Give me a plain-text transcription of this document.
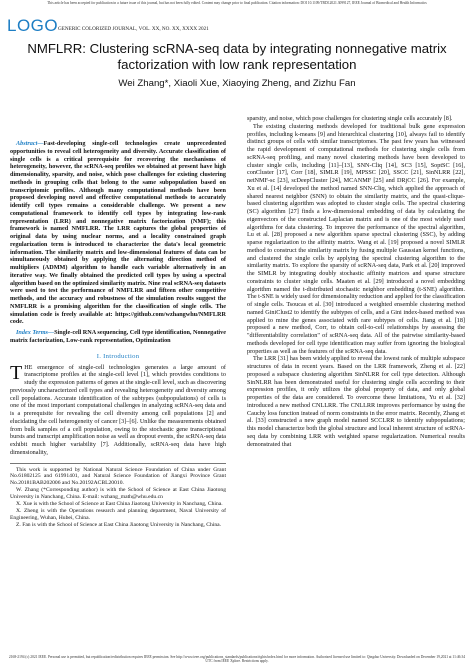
This article has been accepted for publication in a future issue of this journal, but has not been fully edited. Content may change prior to final publication. Citation information: DOI 10.1109/TBDI.2021.3099127, IEEE Journal of Biomedical and Health Informatics
LOGO GENERIC COLORIZED JOURNAL, VOL. XX, NO. XX, XXXX 2021
NMFLRR: Clustering scRNA-seq data by integrating nonnegative matrix factorization with low rank representation
Wei Zhang*, Xiaoli Xue, Xiaoying Zheng, and Zizhu Fan

Abstract—Fast-developing single-cell technologies create unprecedented opportunities to reveal cell heterogeneity and diversity. Accurate classification of single cells is a critical prerequisite for recovering the mechanisms of heterogeneity, however, the scRNA-seq profiles we obtained at present have high dimensionality, sparsity, and noise, which pose challenges for existing clustering methods in grouping cells that belong to the same subpopulation based on transcriptomic profiles. Although many computational methods have been proposed developing novel and effective computational methods to accurately identify cell types remains a considerable challenge. We present a new computational framework to identify cell types by integrating low-rank representation (LRR) and nonnegative matrix factorization (NMF); this framework is named NMFLRR. The LRR captures the global properties of original data by using nuclear norms, and a locality constrained graph regularization term is introduced to characterize the data's local geometric information. The similarity matrix and low-dimensional features of data can be simultaneously obtained by applying the alternating direction method of multipliers (ADMM) algorithm to handle each variable alternatively in an iterative way. We finally obtained the predicted cell types by using a spectral algorithm based on the optimized similarity matrix. Nine real scRNA-seq datasets were used to test the performance of NMFLRR and fifteen other competitive methods, and the accuracy and robustness of the simulation results suggest the NMFLRR is a promising algorithm for the classification of single cells. The simulation code is freely available at: https://github.com/wzhangwhu/NMFLRR code.

Index Terms—Single-cell RNA sequencing, Cell type identification, Nonnegative matrix factorization, Low-rank representation, Optimization

I. Introduction

THE emergence of single-cell technologies generates a large amount of transcriptome profiles at the single-cell level [1], which provides conditions to study the expression patterns of genes at the single-cell level, such as discovering previously uncharacterized cell types and revealing heterogeneity and diversity among cell populations. Accurate identification of the subtypes (subpopulations) of cells is one of the most important computational challenges in analyzing scRNA-seq data and is a prerequisite for revealing the cell diversity among cell populations [2] and elucidating the cell heterogeneity of cancer [3]–[6]. Unlike the measurements obtained from bulk samples of a cell population, owing to the stochastic gene transcriptional bursts and transcript amplification noise as well as dropout events, the scRNA-seq data exhibit much higher variability [7]. Additionally, scRNA-seq data have high dimensionality,

This work is supported by National Natural Science Foundation of China under Grant No.61802125 and 61991401, and Natural Science Foundation of Jiangxi Province Grant No.20181BAB202006 and No.20192ACBL20010.

W. Zhang (*Corresponding author) is with the School of Science at East China Jiaotong University in Nanchang, China. E-mail: wzhang_math@whu.edu.cn

X. Xue is with the School of Science at East China Jiaotong University in Nanchang, China.

X. Zheng is with the Operations research and planning department, Naval University of Engineering, Wuhan, Hubei, China.

Z. Fan is with the School of Science at East China Jiaotong University in Nanchang, China.

sparsity, and noise, which pose challenges for clustering single cells accurately [8].

The existing clustering methods developed for traditional bulk gene expression profiles, including k-means [9] and hierarchical clustering [10], always fail to identify distinct groups of cells with similar transcriptomes. The past few years has witnessed the rapid development of computational methods for clustering single cells from scRNA-seq profiling, and many novel clustering methods have been developed to cluster single cells, including [11]–[13], SNN-Cliq [14], SC3 [15], SoptSC [16], conCluster [17], Corr [18], SIMLR [19], MPSSC [20], SSCC [21], SinNLRR [22], netNMF-sc [23], scDeepCluster [24], MCANMF [25] and DRjCC [26]. For example, Xu et al. [14] developed the method named SNN-Cliq, which applied the approach of shared nearest neighbor (SNN) to obtain the similarity matrix, and the quasi-clique-based clustering algorithm was adopted to cluster single cells. The spectral clustering (SC) algorithm [27] finds a low-dimensional embedding of data by calculating the eigenvectors of the constructed Laplacian matrix and is one of the most widely used algorithms for data clustering. To improve the performance of the spectral algorithm, Lu et al. [28] proposed a new algorithm sparse spectral clustering (SSC), by adding sparse regularization to the affinity matrix. Wang et al. [19] proposed a novel SIMLR method to construct the similarity matrix by fusing multiple Gaussian kernel functions, and clustered the single cells by applying the spectral clustering algorithm to the similarity matrix. To explore the sparsity of scRNA-seq data, Park et al. [20] improved the SIMLR by integrating doubly stochastic affinity matrices and sparse structure constraints to cluster single cells. Maaten et al. [29] introduced a novel embedding algorithm named the t-distributed stochastic neighbor embedding (t-SNE) algorithm. The t-SNE is widely used for dimensionality reduction and applied for the classification of single cells. Tsoucas et al. [30] introduced a weighted ensemble clustering method named GiniClust2 to identify the subtypes of cells, and a Gini index-based method was applied to mine the genes associated with rare subtypes of cells. Jiang et al. [18] proposed a new method, Corr, to obtain cell-to-cell relationships by assessing the "differentiability correlation" of scRNA-seq data. All of the pairwise similarity-based methods developed for cell type identification may suffer from ignoring the biological properties as well as the features of the scRNA-seq data.

The LRR [31] has been widely applied to reveal the lowest rank of multiple subspace structures of data in recent years. Based on the LRR framework, Zheng et al. [22] proposed a subspace clustering algorithm SinNLRR for cell type detection. Although SinNLRR has been demonstrated useful for clustering single cells according to their expression profiles, it only utilizes the global property of data, and only global properties of the data are considered. To overcome these limitations, Yu et al. [32] introduced a new method CNLLRR. The CNLLRR improves performance by using the Cauchy loss function instead of norm constraints in the error matrix. Recently, Zhang et al. [33] constructed a new graph model named SCCLRR to identify subpopulations; this model characterize both the global structure and local inherent structure of scRNA-seq data by combining LRR with weighted sparse regularization. Numerical results demonstrated that

2168-2194 (c) 2021 IEEE. Personal use is permitted, but republication/redistribution requires IEEE permission. See http://www.ieee.org/publications_standards/publications/rights/index.html for more information. Authorized licensed use limited to: Qingdao University. Downloaded on December 19,2021 at 11:46:34 UTC from IEEE Xplore. Restrictions apply.
